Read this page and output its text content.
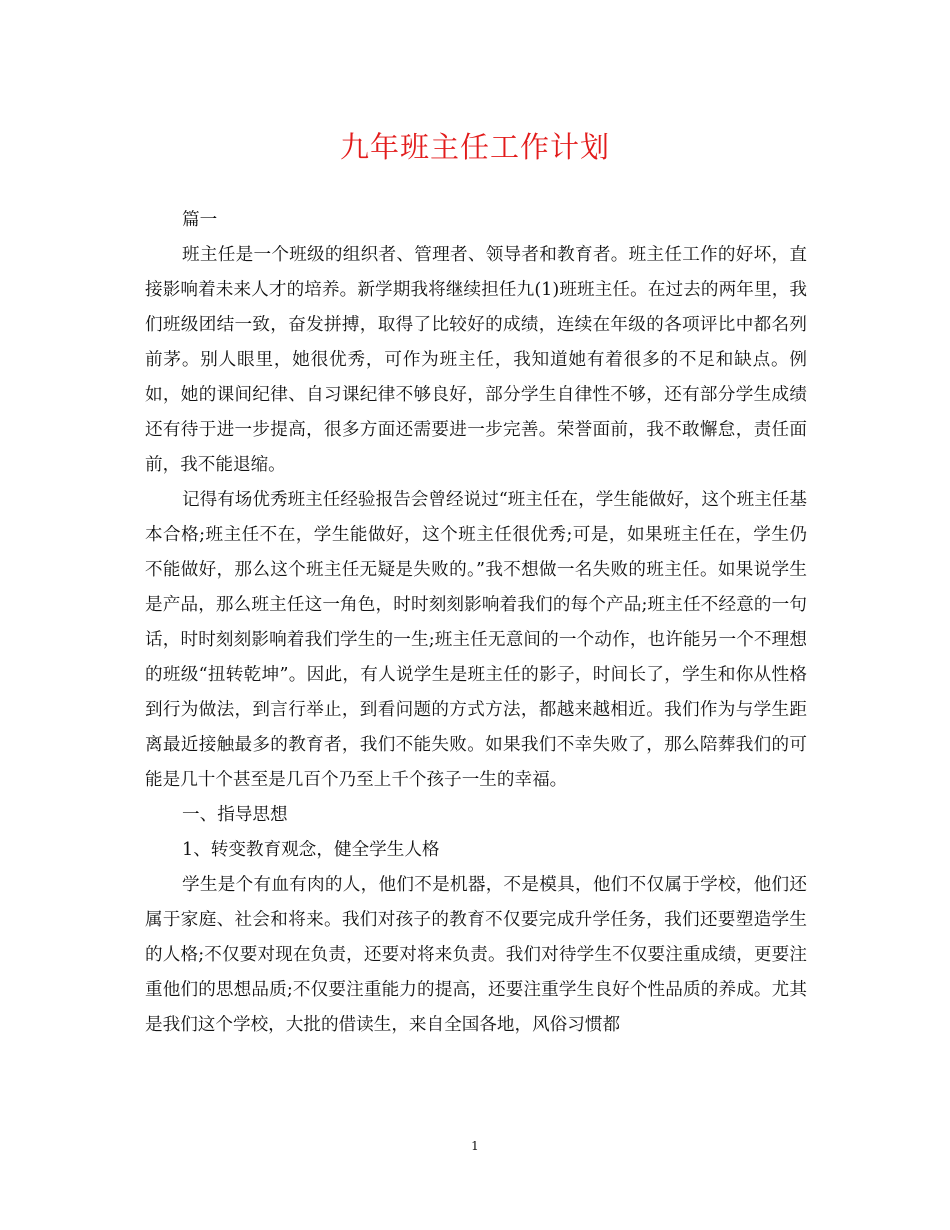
九年班主任工作计划

篇一

班主任是一个班级的组织者、管理者、领导者和教育者。班主任工作的好坏，直接影响着未来人才的培养。新学期我将继续担任九(1)班班主任。在过去的两年里，我们班级团结一致，奋发拼搏，取得了比较好的成绩，连续在年级的各项评比中都名列前茅。别人眼里，她很优秀，可作为班主任，我知道她有着很多的不足和缺点。例如，她的课间纪律、自习课纪律不够良好，部分学生自律性不够，还有部分学生成绩还有待于进一步提高，很多方面还需要进一步完善。荣誉面前，我不敢懈怠，责任面前，我不能退缩。

记得有场优秀班主任经验报告会曾经说过“班主任在，学生能做好，这个班主任基本合格;班主任不在，学生能做好，这个班主任很优秀;可是，如果班主任在，学生仍不能做好，那么这个班主任无疑是失败的。”我不想做一名失败的班主任。如果说学生是产品，那么班主任这一角色，时时刻刻影响着我们的每个产品;班主任不经意的一句话，时时刻刻影响着我们学生的一生;班主任无意间的一个动作，也许能另一个不理想的班级“扭转乾坤”。因此，有人说学生是班主任的影子，时间长了，学生和你从性格到行为做法，到言行举止，到看问题的方式方法，都越来越相近。我们作为与学生距离最近接触最多的教育者，我们不能失败。如果我们不幸失败了，那么陪葬我们的可能是几十个甚至是几百个乃至上千个孩子一生的幸福。

一、指导思想

1、转变教育观念，健全学生人格

学生是个有血有肉的人，他们不是机器，不是模具，他们不仅属于学校，他们还属于家庭、社会和将来。我们对孩子的教育不仅要完成升学任务，我们还要塑造学生的人格;不仅要对现在负责，还要对将来负责。我们对待学生不仅要注重成绩，更要注重他们的思想品质;不仅要注重能力的提高，还要注重学生良好个性品质的养成。尤其是我们这个学校，大批的借读生，来自全国各地，风俗习惯都

1
